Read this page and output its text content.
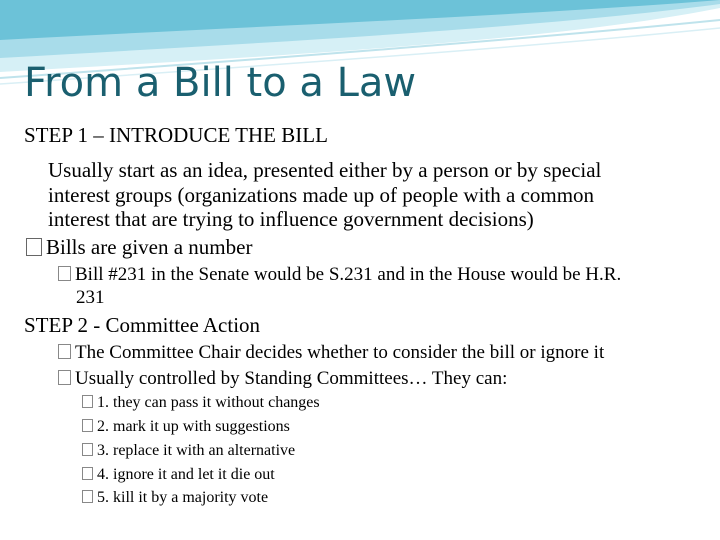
From a Bill to a Law
STEP 1 – INTRODUCE THE BILL
Usually start as an idea, presented either by a person or by special
interest groups (organizations made up of people with a common
interest that are trying to influence government decisions)
Bills are given a number
Bill #231 in the Senate would be S.231 and in the House would be H.R.
231
STEP 2 - Committee Action
The Committee Chair decides whether to consider the bill or ignore it
Usually controlled by Standing Committees… They can:
1. they can pass it without changes
2. mark it up with suggestions
3. replace it with an alternative
4. ignore it and let it die out
5. kill it by a majority vote
